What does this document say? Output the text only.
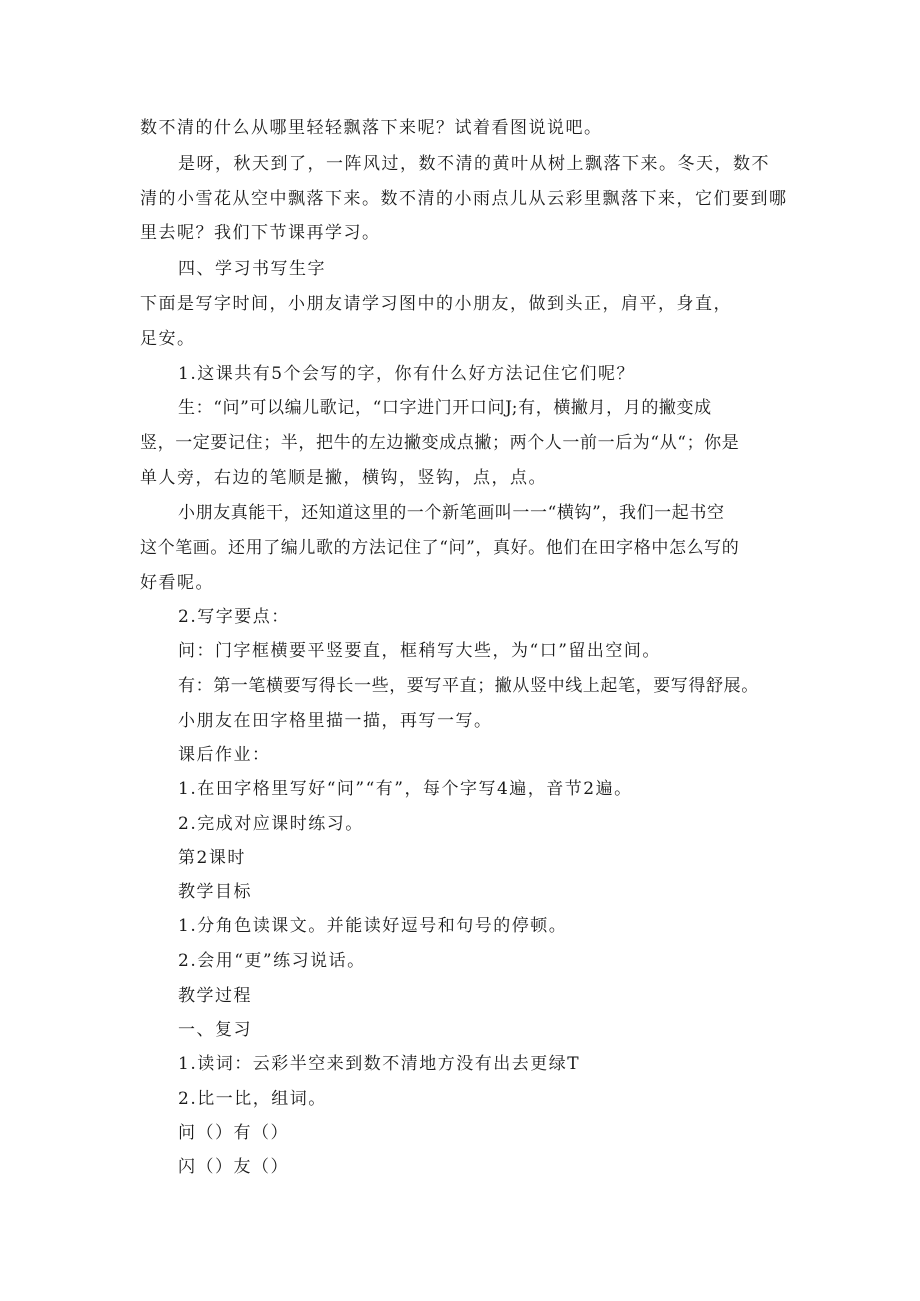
数不清的什么从哪里轻轻飘落下来呢？试着看图说说吧。
是呀，秋天到了，一阵风过，数不清的黄叶从树上飘落下来。冬天，数不
清的小雪花从空中飘落下来。数不清的小雨点儿从云彩里飘落下来，它们要到哪
里去呢？我们下节课再学习。
四、学习书写生字
下面是写字时间，小朋友请学习图中的小朋友，做到头正，肩平，身直，
足安。
1.这课共有5个会写的字，你有什么好方法记住它们呢？
生：“问”可以编儿歌记，“口字进门开口问J;有，横撇月，月的撇变成
竖，一定要记住；半，把牛的左边撇变成点撇；两个人一前一后为“从“；你是
单人旁，右边的笔顺是撇，横钩，竖钩，点，点。
小朋友真能干，还知道这里的一个新笔画叫一一“横钩”，我们一起书空
这个笔画。还用了编儿歌的方法记住了“问”，真好。他们在田字格中怎么写的
好看呢。
2.写字要点：
问：门字框横要平竖要直，框稍写大些，为“口”留出空间。
有：第一笔横要写得长一些，要写平直；撇从竖中线上起笔，要写得舒展。
小朋友在田字格里描一描，再写一写。
课后作业：
1.在田字格里写好“问”“有”，每个字写4遍，音节2遍。
2.完成对应课时练习。
第2课时
教学目标
1.分角色读课文。并能读好逗号和句号的停顿。
2.会用“更”练习说话。
教学过程
一、复习
1.读词：云彩半空来到数不清地方没有出去更绿T
2.比一比，组词。
问（）有（）
闪（）友（）
